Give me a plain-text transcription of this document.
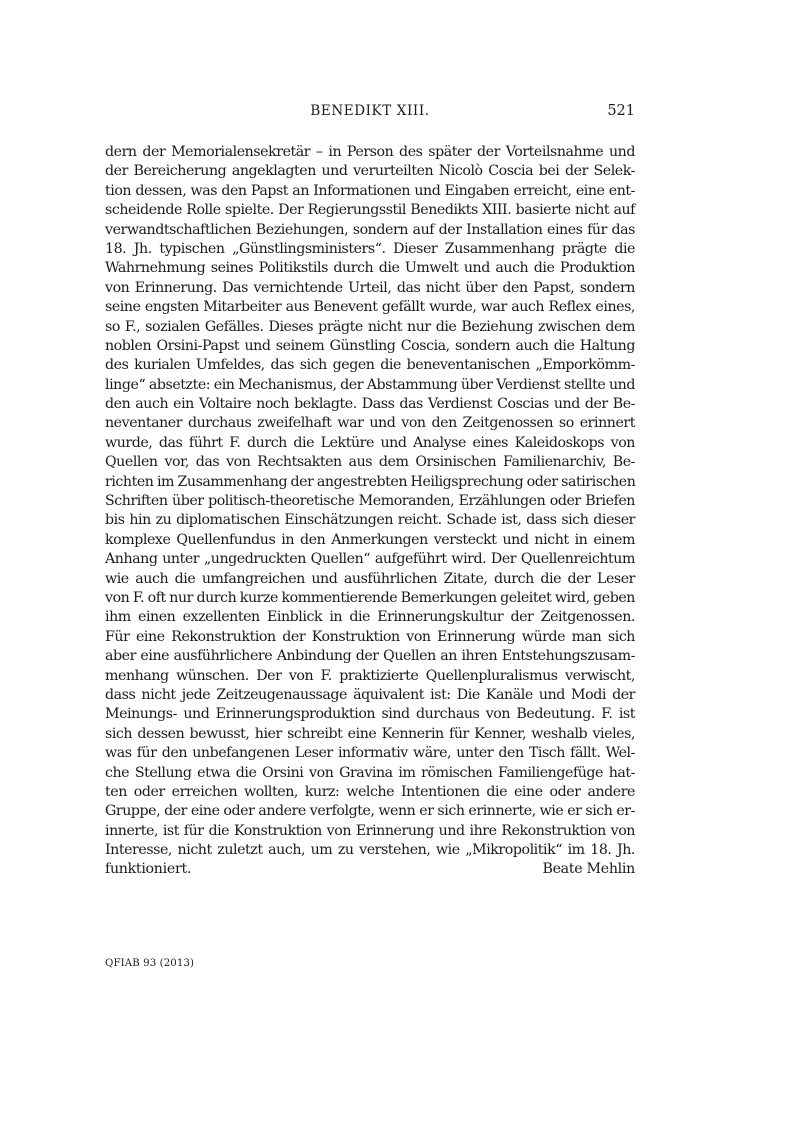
BENEDIKT XIII.	521
dern der Memorialensekretär – in Person des später der Vorteilsnahme und
der Bereicherung angeklagten und verurteilten Nicolò Coscia bei der Selek-
tion dessen, was den Papst an Informationen und Eingaben erreicht, eine ent-
scheidende Rolle spielte. Der Regierungsstil Benedikts XIII. basierte nicht auf
verwandtschaftlichen Beziehungen, sondern auf der Installation eines für das
18. Jh. typischen „Günstlingsministers“. Dieser Zusammenhang prägte die
Wahrnehmung seines Politikstils durch die Umwelt und auch die Produktion
von Erinnerung. Das vernichtende Urteil, das nicht über den Papst, sondern
seine engsten Mitarbeiter aus Benevent gefällt wurde, war auch Reflex eines,
so F., sozialen Gefälles. Dieses prägte nicht nur die Beziehung zwischen dem
noblen Orsini-Papst und seinem Günstling Coscia, sondern auch die Haltung
des kurialen Umfeldes, das sich gegen die beneventanischen „Emporkömm-
linge“ absetzte: ein Mechanismus, der Abstammung über Verdienst stellte und
den auch ein Voltaire noch beklagte. Dass das Verdienst Coscias und der Be-
neventaner durchaus zweifelhaft war und von den Zeitgenossen so erinnert
wurde, das führt F. durch die Lektüre und Analyse eines Kaleidoskops von
Quellen vor, das von Rechtsakten aus dem Orsinischen Familienarchiv, Be-
richten im Zusammenhang der angestrebten Heiligsprechung oder satirischen
Schriften über politisch-theoretische Memoranden, Erzählungen oder Briefen
bis hin zu diplomatischen Einschätzungen reicht. Schade ist, dass sich dieser
komplexe Quellenfundus in den Anmerkungen versteckt und nicht in einem
Anhang unter „ungedruckten Quellen“ aufgeführt wird. Der Quellenreichtum
wie auch die umfangreichen und ausführlichen Zitate, durch die der Leser
von F. oft nur durch kurze kommentierende Bemerkungen geleitet wird, geben
ihm einen exzellenten Einblick in die Erinnerungskultur der Zeitgenossen.
Für eine Rekonstruktion der Konstruktion von Erinnerung würde man sich
aber eine ausführlichere Anbindung der Quellen an ihren Entstehungszusam-
menhang wünschen. Der von F. praktizierte Quellenpluralismus verwischt,
dass nicht jede Zeitzeugenaussage äquivalent ist: Die Kanäle und Modi der
Meinungs- und Erinnerungsproduktion sind durchaus von Bedeutung. F. ist
sich dessen bewusst, hier schreibt eine Kennerin für Kenner, weshalb vieles,
was für den unbefangenen Leser informativ wäre, unter den Tisch fällt. Wel-
che Stellung etwa die Orsini von Gravina im römischen Familiengefüge hat-
ten oder erreichen wollten, kurz: welche Intentionen die eine oder andere
Gruppe, der eine oder andere verfolgte, wenn er sich erinnerte, wie er sich er-
innerte, ist für die Konstruktion von Erinnerung und ihre Rekonstruktion von
Interesse, nicht zuletzt auch, um zu verstehen, wie „Mikropolitik“ im 18. Jh.
funktioniert.	Beate Mehlin
QFIAB 93 (2013)
